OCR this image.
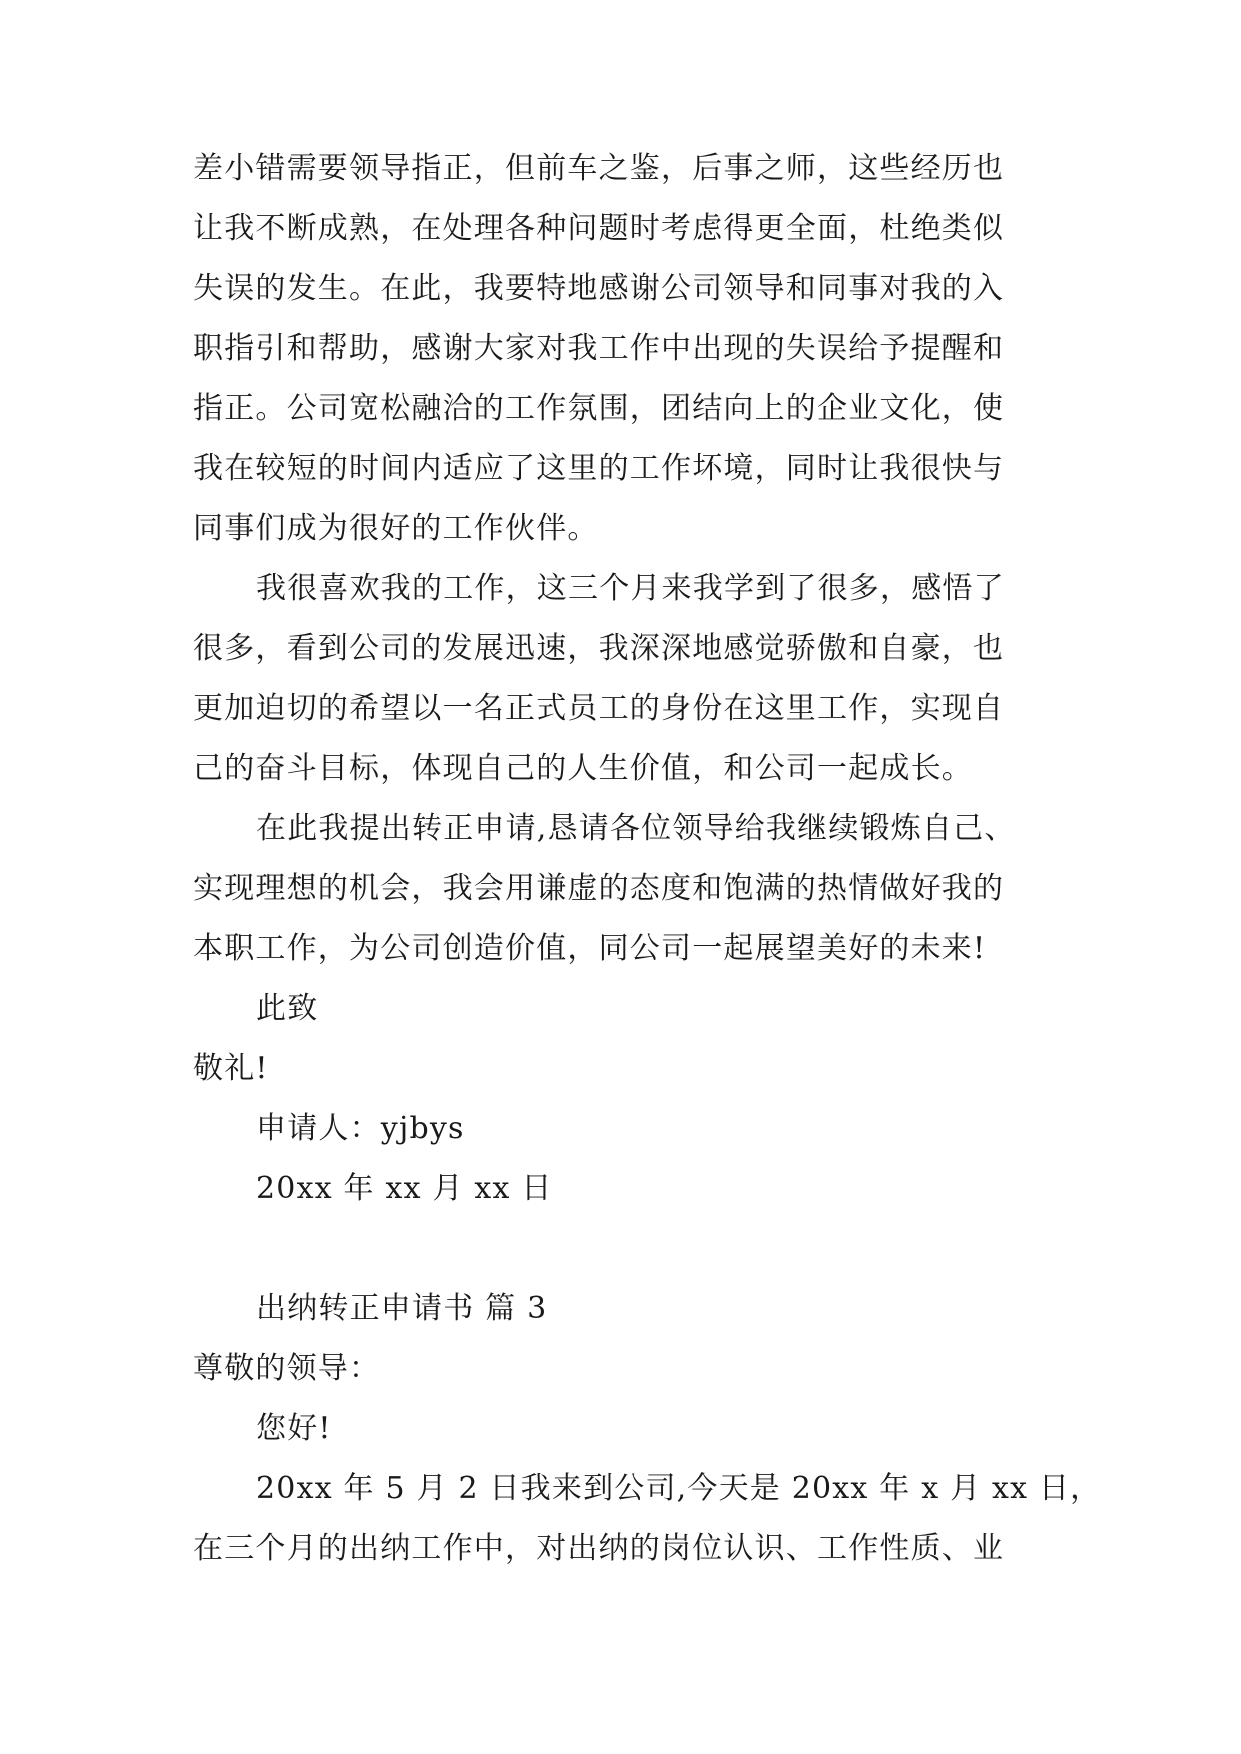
差小错需要领导指正，但前车之鉴，后事之师，这些经历也
让我不断成熟，在处理各种问题时考虑得更全面，杜绝类似
失误的发生。在此，我要特地感谢公司领导和同事对我的入
职指引和帮助，感谢大家对我工作中出现的失误给予提醒和
指正。公司宽松融洽的工作氛围，团结向上的企业文化，使
我在较短的时间内适应了这里的工作坏境，同时让我很快与
同事们成为很好的工作伙伴。
我很喜欢我的工作，这三个月来我学到了很多，感悟了
很多，看到公司的发展迅速，我深深地感觉骄傲和自豪，也
更加迫切的希望以一名正式员工的身份在这里工作，实现自
己的奋斗目标，体现自己的人生价值，和公司一起成长。
在此我提出转正申请,恳请各位领导给我继续锻炼自己、
实现理想的机会，我会用谦虚的态度和饱满的热情做好我的
本职工作，为公司创造价值，同公司一起展望美好的未来!
此致
敬礼!
申请人：yjbys
20xx 年 xx 月 xx 日
出纳转正申请书 篇 3
尊敬的领导：
您好!
20xx 年 5 月 2 日我来到公司,今天是 20xx 年 x 月 xx 日，
在三个月的出纳工作中，对出纳的岗位认识、工作性质、业
